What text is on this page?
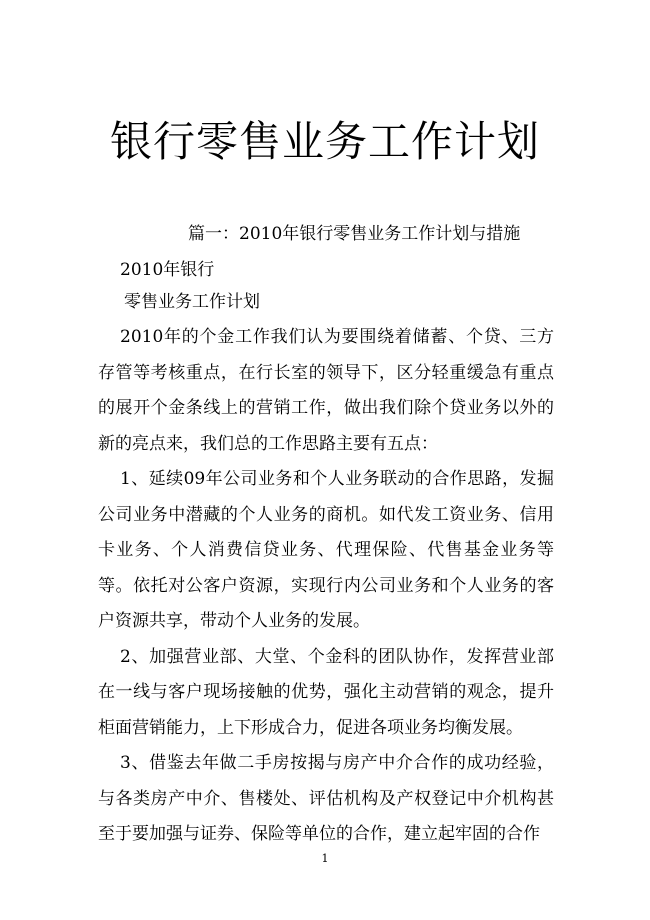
银行零售业务工作计划
篇一：2010年银行零售业务工作计划与措施
2010年银行
零售业务工作计划

2010年的个金工作我们认为要围绕着储蓄、个贷、三方存管等考核重点，在行长室的领导下，区分轻重缓急有重点的展开个金条线上的营销工作，做出我们除个贷业务以外的新的亮点来，我们总的工作思路主要有五点：

1、延续09年公司业务和个人业务联动的合作思路，发掘公司业务中潜藏的个人业务的商机。如代发工资业务、信用卡业务、个人消费信贷业务、代理保险、代售基金业务等等。依托对公客户资源，实现行内公司业务和个人业务的客户资源共享，带动个人业务的发展。

2、加强营业部、大堂、个金科的团队协作，发挥营业部在一线与客户现场接触的优势，强化主动营销的观念，提升柜面营销能力，上下形成合力，促进各项业务均衡发展。

3、借鉴去年做二手房按揭与房产中介合作的成功经验，与各类房产中介、售楼处、评估机构及产权登记中介机构甚至于要加强与证券、保险等单位的合作，建立起牢固的合作

1
